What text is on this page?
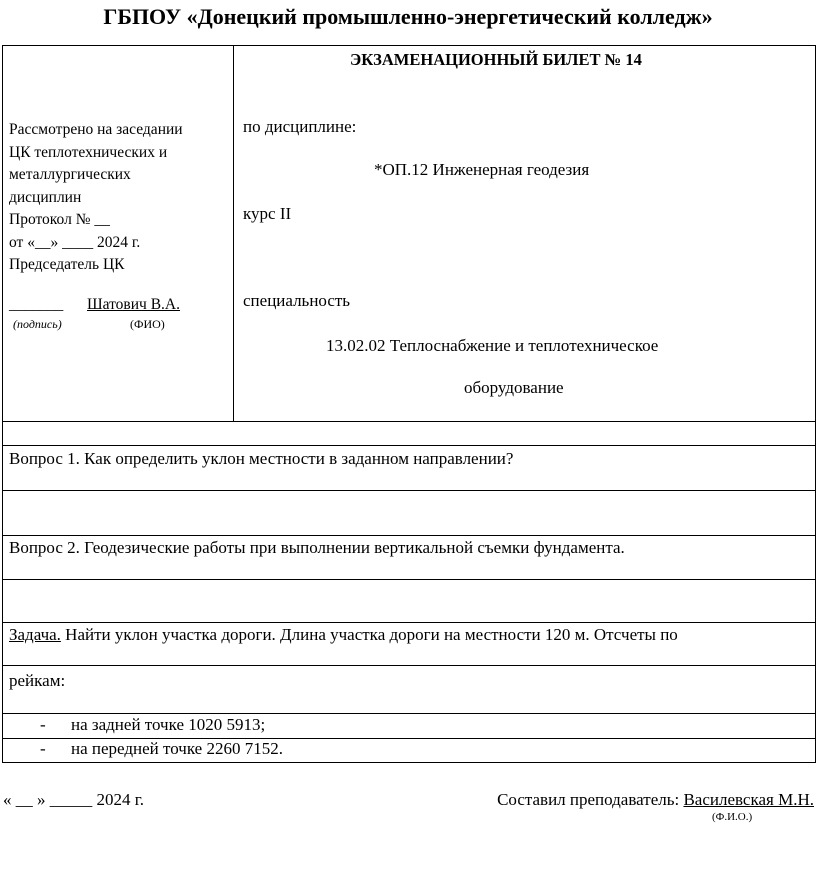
ГБПОУ «Донецкий промышленно-энергетический колледж»
Рассмотрено на заседании
ЦК теплотехнических и
металлургических
дисциплин
Протокол № __
от «__» ____ 2024 г.
Председатель ЦК
_______ Шатович В.А.
(подпись)	(ФИО)
ЭКЗАМЕНАЦИОННЫЙ БИЛЕТ № 14
по дисциплине:
*ОП.12 Инженерная геодезия
курс II
специальность
13.02.02 Теплоснабжение и теплотехническое
оборудование
Вопрос 1. Как определить уклон местности в заданном направлении?
Вопрос 2. Геодезические работы при выполнении вертикальной съемки фундамента.
Задача. Найти уклон участка дороги. Длина участка дороги на местности 120 м. Отсчеты по
рейкам:
- на задней точке 1020 5913;
- на передней точке 2260 7152.
« __ » _____ 2024 г.	Составил преподаватель: Василевская М.Н.
(Ф.И.О.)
